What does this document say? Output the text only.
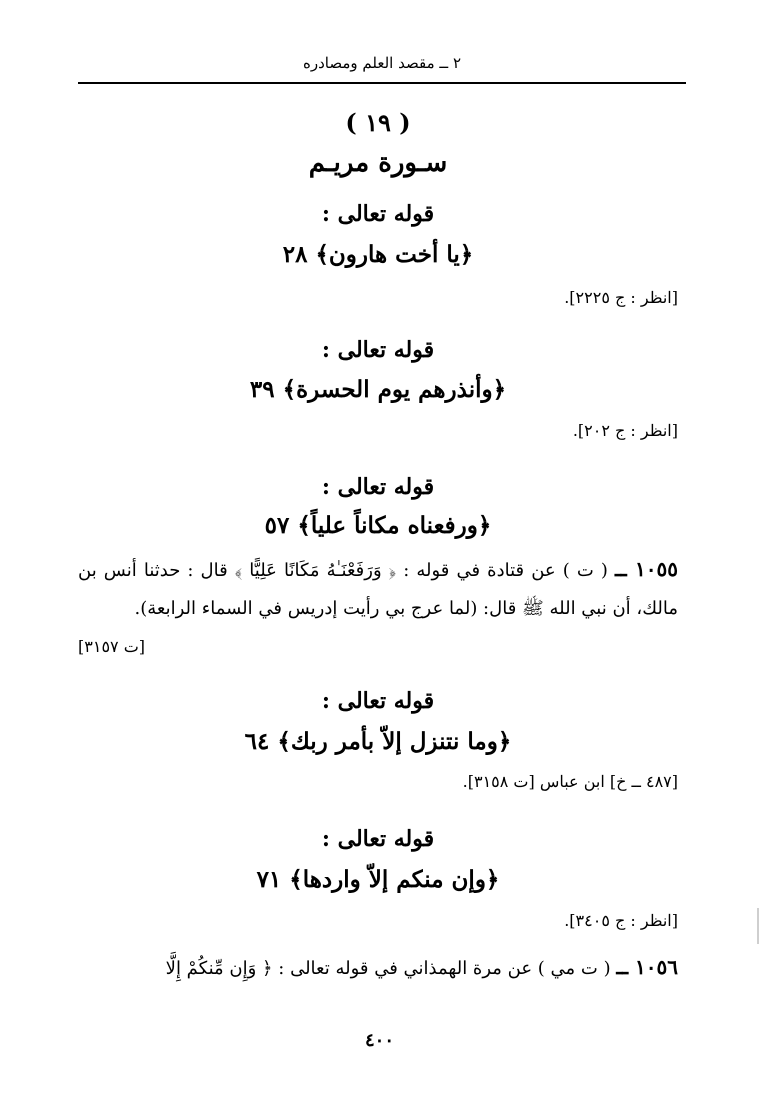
٢ ــ مقصد العلم ومصادره
( ١٩ )
سـورة مريـم
قوله تعالى :
﴿يا أخت هارون﴾ ٢٨
[انظر : ج ٢٢٢٥].
قوله تعالى :
﴿وأنذرهم يوم الحسرة﴾ ٣٩
[انظر : ج ٢٠٢].
قوله تعالى :
﴿ورفعناه مكاناً علياً﴾ ٥٧
١٠٥٥ ــ ( ت ) عن قتادة في قوله : ﴿ وَرَفَعْنَـٰهُ مَكَانًا عَلِيًّا ﴾ قال : حدثنا أنس بن مالك، أن نبي الله ﷺ قال: (لما عرج بي رأيت إدريس في السماء الرابعة).
[ت ٣١٥٧]
قوله تعالى :
﴿وما نتنزل إلاّ بأمر ربك﴾ ٦٤
[٤٨٧ ــ خ] ابن عباس [ت ٣١٥٨].
قوله تعالى :
﴿وإن منكم إلاّ واردها﴾ ٧١
[انظر : ج ٣٤٠٥].
١٠٥٦ ــ ( ت مي ) عن مرة الهمذاني في قوله تعالى : ﴿ وَإِن مِّنكُمْ إِلَّا
٤٠٠
